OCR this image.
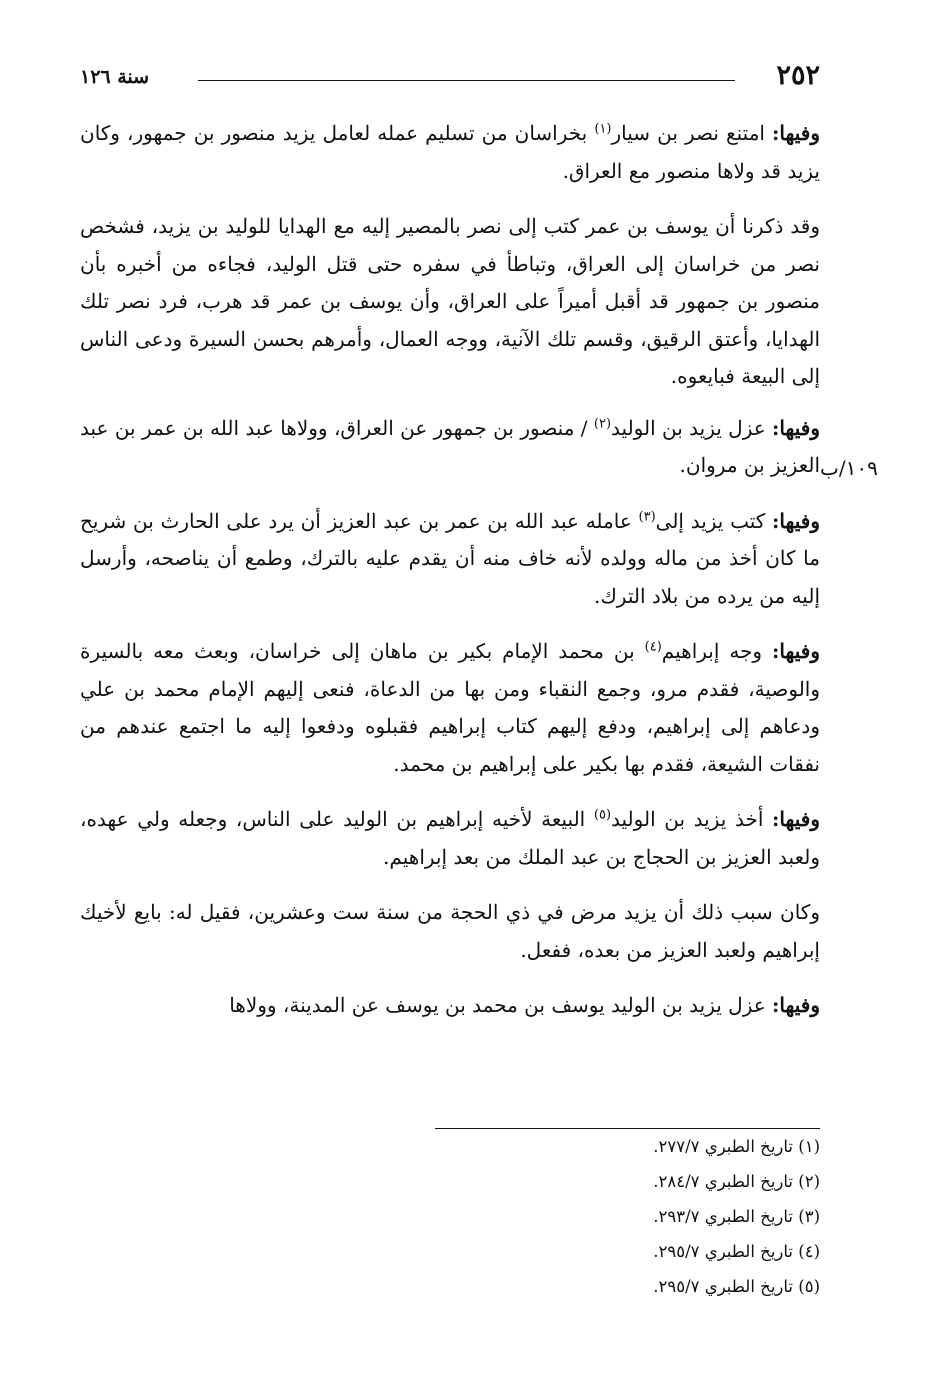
٢٥٢
سنة ١٢٦
١٠٩/ب

وفيها: امتنع نصر بن سيار$^{(١)}$ بخراسان من تسليم عمله لعامل يزيد منصور بن جمهور، وكان يزيد قد ولاها منصور مع العراق.

وقد ذكرنا أن يوسف بن عمر كتب إلى نصر بالمصير إليه مع الهدايا للوليد بن يزيد، فشخص نصر من خراسان إلى العراق، وتباطأ في سفره حتى قتل الوليد، فجاءه من أخبره بأن منصور بن جمهور قد أقبل أميراً على العراق، وأن يوسف بن عمر قد هرب، فرد نصر تلك الهدايا، وأعتق الرقيق، وقسم تلك الآنية، ووجه العمال، وأمرهم بحسن السيرة ودعى الناس إلى البيعة فبايعوه.

وفيها: عزل يزيد بن الوليد$^{(٢)}$ / منصور بن جمهور عن العراق، وولاها عبد الله بن عمر بن عبد العزيز بن مروان.

وفيها: كتب يزيد إلى$^{(٣)}$ عامله عبد الله بن عمر بن عبد العزيز أن يرد على الحارث بن شريح ما كان أخذ من ماله وولده لأنه خاف منه أن يقدم عليه بالترك، وطمع أن يناصحه، وأرسل إليه من يرده من بلاد الترك.

وفيها: وجه إبراهيم$^{(٤)}$ بن محمد الإمام بكير بن ماهان إلى خراسان، وبعث معه بالسيرة والوصية، فقدم مرو، وجمع النقباء ومن بها من الدعاة، فنعى إليهم الإمام محمد بن علي ودعاهم إلى إبراهيم، ودفع إليهم كتاب إبراهيم فقبلوه ودفعوا إليه ما اجتمع عندهم من نفقات الشيعة، فقدم بها بكير على إبراهيم بن محمد.

وفيها: أخذ يزيد بن الوليد$^{(٥)}$ البيعة لأخيه إبراهيم بن الوليد على الناس، وجعله ولي عهده، ولعبد العزيز بن الحجاج بن عبد الملك من بعد إبراهيم.

وكان سبب ذلك أن يزيد مرض في ذي الحجة من سنة ست وعشرين، فقيل له: بايع لأخيك إبراهيم ولعبد العزيز من بعده، ففعل.

وفيها: عزل يزيد بن الوليد يوسف بن محمد بن يوسف عن المدينة، وولاها

(١) تاريخ الطبري ٢٧٧/٧.

(٢) تاريخ الطبري ٢٨٤/٧.

(٣) تاريخ الطبري ٢٩٣/٧.

(٤) تاريخ الطبري ٢٩٥/٧.

(٥) تاريخ الطبري ٢٩٥/٧.
